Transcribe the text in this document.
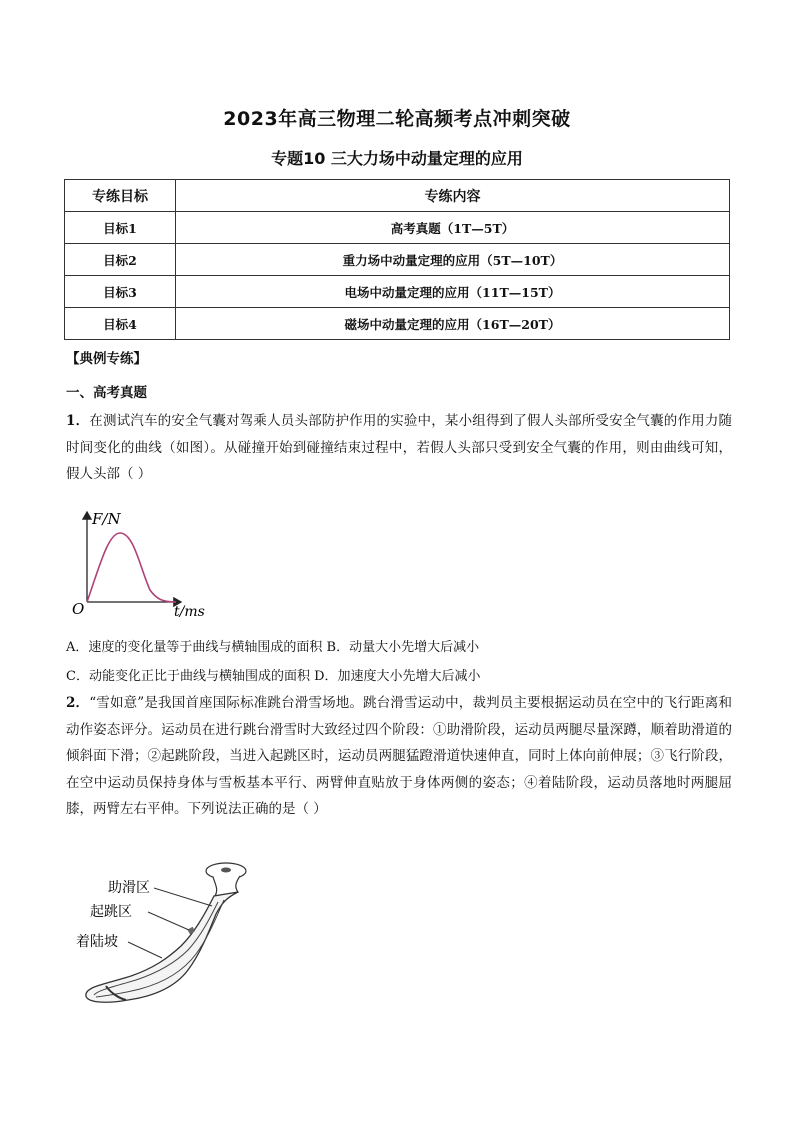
2023年高三物理二轮高频考点冲刺突破
专题10 三大力场中动量定理的应用
专练目标	专练内容
目标1	高考真题（1T—5T）
目标2	重力场中动量定理的应用（5T—10T）
目标3	电场中动量定理的应用（11T—15T）
目标4	磁场中动量定理的应用（16T—20T）
【典例专练】
一、高考真题
1．在测试汽车的安全气囊对驾乘人员头部防护作用的实验中，某小组得到了假人头部所受安全气囊的作用力随时间变化的曲线（如图）。从碰撞开始到碰撞结束过程中，若假人头部只受到安全气囊的作用，则由曲线可知，假人头部（ ）
F/N
O	t/ms
A．速度的变化量等于曲线与横轴围成的面积 B．动量大小先增大后减小
C．动能变化正比于曲线与横轴围成的面积 D．加速度大小先增大后减小
2．“雪如意”是我国首座国际标准跳台滑雪场地。跳台滑雪运动中，裁判员主要根据运动员在空中的飞行距离和动作姿态评分。运动员在进行跳台滑雪时大致经过四个阶段：①助滑阶段，运动员两腿尽量深蹲，顺着助滑道的倾斜面下滑；②起跳阶段，当进入起跳区时，运动员两腿猛蹬滑道快速伸直，同时上体向前伸展；③飞行阶段，在空中运动员保持身体与雪板基本平行、两臂伸直贴放于身体两侧的姿态；④着陆阶段，运动员落地时两腿屈膝，两臂左右平伸。下列说法正确的是（ ）
助滑区
起跳区
着陆坡
